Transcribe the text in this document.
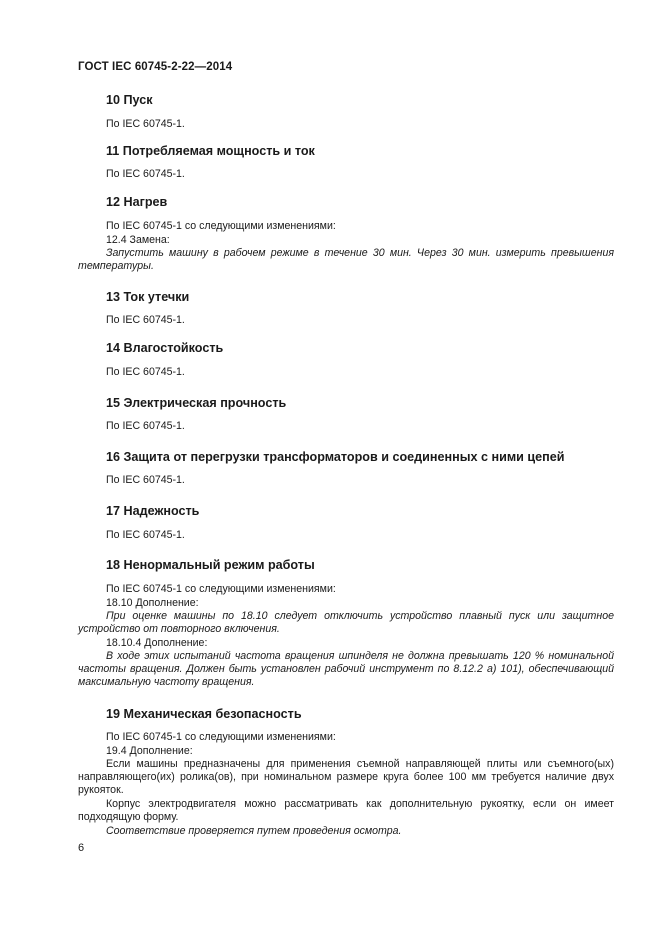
ГОСТ IEC 60745-2-22—2014
10 Пуск
По IEC 60745-1.
11 Потребляемая мощность и ток
По IEC 60745-1.
12 Нагрев
По IEC 60745-1 со следующими изменениями:
12.4 Замена:
Запустить машину в рабочем режиме в течение 30 мин. Через 30 мин. измерить превышения температуры.
13 Ток утечки
По IEC 60745-1.
14 Влагостойкость
По IEC 60745-1.
15 Электрическая прочность
По IEC 60745-1.
16 Защита от перегрузки трансформаторов и соединенных с ними цепей
По IEC 60745-1.
17 Надежность
По IEC 60745-1.
18 Ненормальный режим работы
По IEC 60745-1 со следующими изменениями:
18.10 Дополнение:
При оценке машины по 18.10 следует отключить устройство плавный пуск или защитное устройство от повторного включения.
18.10.4 Дополнение:
В ходе этих испытаний частота вращения шпинделя не должна превышать 120 % номинальной частоты вращения. Должен быть установлен рабочий инструмент по 8.12.2 a) 101), обеспечивающий максимальную частоту вращения.
19 Механическая безопасность
По IEC 60745-1 со следующими изменениями:
19.4 Дополнение:
Если машины предназначены для применения съемной направляющей плиты или съемного(ых) направляющего(их) ролика(ов), при номинальном размере круга более 100 мм требуется наличие двух рукояток.
Корпус электродвигателя можно рассматривать как дополнительную рукоятку, если он имеет подходящую форму.
Соответствие проверяется путем проведения осмотра.
6
